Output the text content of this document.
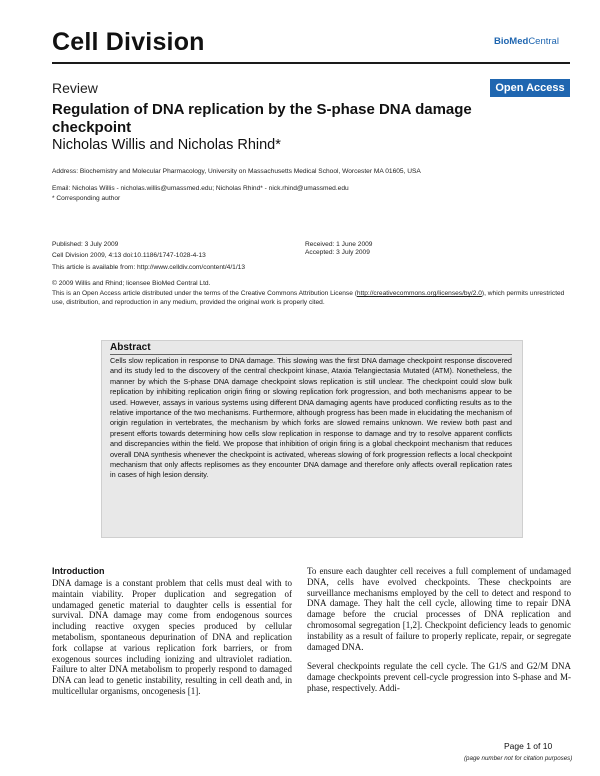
Cell Division	BioMedCentral
Review	Open Access
Regulation of DNA replication by the S-phase DNA damage checkpoint
Nicholas Willis and Nicholas Rhind*
Address: Biochemistry and Molecular Pharmacology, University on Massachusetts Medical School, Worcester MA 01605, USA
Email: Nicholas Willis - nicholas.willis@umassmed.edu; Nicholas Rhind* - nick.rhind@umassmed.edu
* Corresponding author
Published: 3 July 2009
Cell Division 2009, 4:13 doi:10.1186/1747-1028-4-13
This article is available from: http://www.celldiv.com/content/4/1/13
Received: 1 June 2009
Accepted: 3 July 2009
© 2009 Willis and Rhind; licensee BioMed Central Ltd.
This is an Open Access article distributed under the terms of the Creative Commons Attribution License (http://creativecommons.org/licenses/by/2.0), which permits unrestricted use, distribution, and reproduction in any medium, provided the original work is properly cited.
Abstract
Cells slow replication in response to DNA damage. This slowing was the first DNA damage checkpoint response discovered and its study led to the discovery of the central checkpoint kinase, Ataxia Telangiectasia Mutated (ATM). Nonetheless, the manner by which the S-phase DNA damage checkpoint slows replication is still unclear. The checkpoint could slow bulk replication by inhibiting replication origin firing or slowing replication fork progression, and both mechanisms appear to be used. However, assays in various systems using different DNA damaging agents have produced conflicting results as to the relative importance of the two mechanisms. Furthermore, although progress has been made in elucidating the mechanism of origin regulation in vertebrates, the mechanism by which forks are slowed remains unknown. We review both past and present efforts towards determining how cells slow replication in response to damage and try to resolve apparent conflicts and discrepancies within the field. We propose that inhibition of origin firing is a global checkpoint mechanism that reduces overall DNA synthesis whenever the checkpoint is activated, whereas slowing of fork progression reflects a local checkpoint mechanism that only affects replisomes as they encounter DNA damage and therefore only affects overall replication rates in cases of high lesion density.
Introduction
DNA damage is a constant problem that cells must deal with to maintain viability. Proper duplication and segregation of undamaged genetic material to daughter cells is essential for survival. DNA damage may come from endogenous sources including reactive oxygen species produced by cellular metabolism, spontaneous depurination of DNA and replication fork collapse at various replication fork barriers, or from exogenous sources including ionizing and ultraviolet radiation. Failure to alter DNA metabolism to properly respond to damaged DNA can lead to genetic instability, resulting in cell death and, in multicellular organisms, oncogenesis [1].

To ensure each daughter cell receives a full complement of undamaged DNA, cells have evolved checkpoints. These checkpoints are surveillance mechanisms employed by the cell to detect and respond to DNA damage. They halt the cell cycle, allowing time to repair DNA damage before the crucial processes of DNA replication and chromosomal segregation [1,2]. Checkpoint deficiency leads to genomic instability as a result of failure to properly replicate, repair, or segregate damaged DNA.

Several checkpoints regulate the cell cycle. The G1/S and G2/M DNA damage checkpoints prevent cell-cycle progression into S-phase and M-phase, respectively. Addi-

Page 1 of 10
(page number not for citation purposes)
